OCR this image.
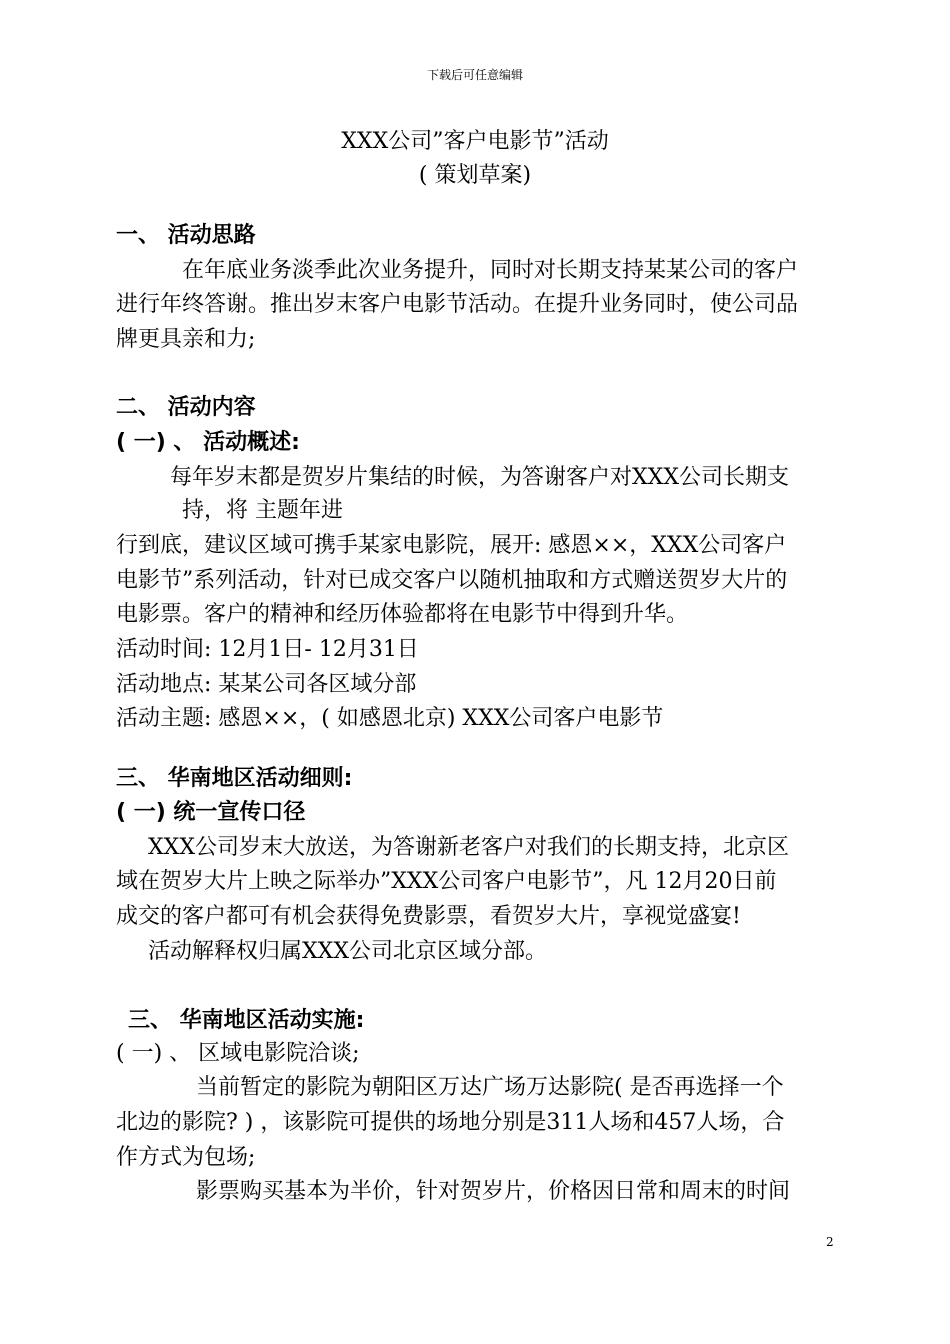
下载后可任意编辑
XXX公司”客户电影节”活动
( 策划草案)
一、 活动思路
在年底业务淡季此次业务提升，同时对长期支持某某公司的客户
进行年终答谢。推出岁末客户电影节活动。在提升业务同时，使公司品
牌更具亲和力;
二、 活动内容
( 一) 、 活动概述:
每年岁末都是贺岁片集结的时候，为答谢客户对XXX公司长期支
持，将 主题年进
行到底，建议区域可携手某家电影院，展开: 感恩××，XXX公司客户
电影节”系列活动，针对已成交客户以随机抽取和方式赠送贺岁大片的
电影票。客户的精神和经历体验都将在电影节中得到升华。
活动时间: 12月1日- 12月31日
活动地点: 某某公司各区域分部
活动主题: 感恩××，( 如感恩北京) XXX公司客户电影节
三、 华南地区活动细则:
( 一) 统一宣传口径
XXX公司岁末大放送，为答谢新老客户对我们的长期支持，北京区
域在贺岁大片上映之际举办”XXX公司客户电影节”，凡 12月20日前
成交的客户都可有机会获得免费影票，看贺岁大片，享视觉盛宴!
活动解释权归属XXX公司北京区域分部。
三、 华南地区活动实施:
( 一) 、 区域电影院洽谈;
当前暂定的影院为朝阳区万达广场万达影院( 是否再选择一个
北边的影院? ) ，该影院可提供的场地分别是311人场和457人场，合
作方式为包场;
影票购买基本为半价，针对贺岁片，价格因日常和周末的时间
2
